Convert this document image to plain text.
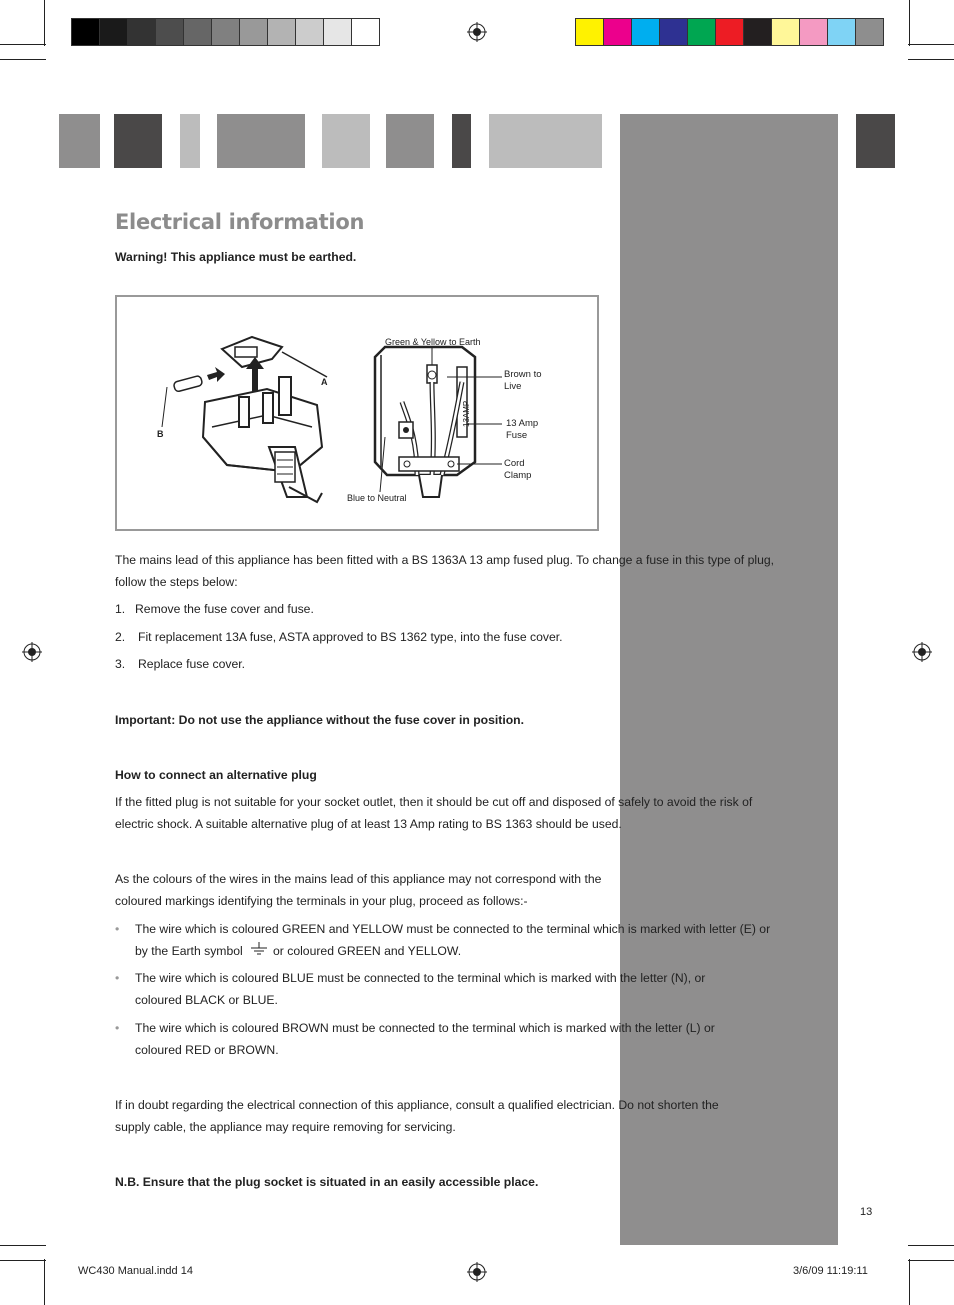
Electrical information
Warning! This appliance must be earthed.
A
B
13AMP
Green & Yellow to Earth
Brown to
Live
13 Amp
Fuse
Cord
Clamp
Blue to Neutral
The mains lead of this appliance has been fitted with a BS 1363A 13 amp fused plug. To change a fuse in this type of plug,
follow the steps below:
1. Remove the fuse cover and fuse.
2. Fit replacement 13A fuse, ASTA approved to BS 1362 type, into the fuse cover.
3. Replace fuse cover.
Important: Do not use the appliance without the fuse cover in position.
How to connect an alternative plug
If the fitted plug is not suitable for your socket outlet, then it should be cut off and disposed of safely to avoid the risk of
electric shock. A suitable alternative plug of at least 13 Amp rating to BS 1363 should be used.
As the colours of the wires in the mains lead of this appliance may not correspond with the
coloured markings identifying the terminals in your plug, proceed as follows:-
• The wire which is coloured GREEN and YELLOW must be connected to the terminal which is marked with letter (E) or
by the Earth symbol	or coloured GREEN and YELLOW.
• The wire which is coloured BLUE must be connected to the terminal which is marked with the letter (N), or
coloured BLACK or BLUE.
• The wire which is coloured BROWN must be connected to the terminal which is marked with the letter (L) or
coloured RED or BROWN.
If in doubt regarding the electrical connection of this appliance, consult a qualified electrician. Do not shorten the
supply cable, the appliance may require removing for servicing.
N.B. Ensure that the plug socket is situated in an easily accessible place.
13
WC430 Manual.indd 14	3/6/09 11:19:11
